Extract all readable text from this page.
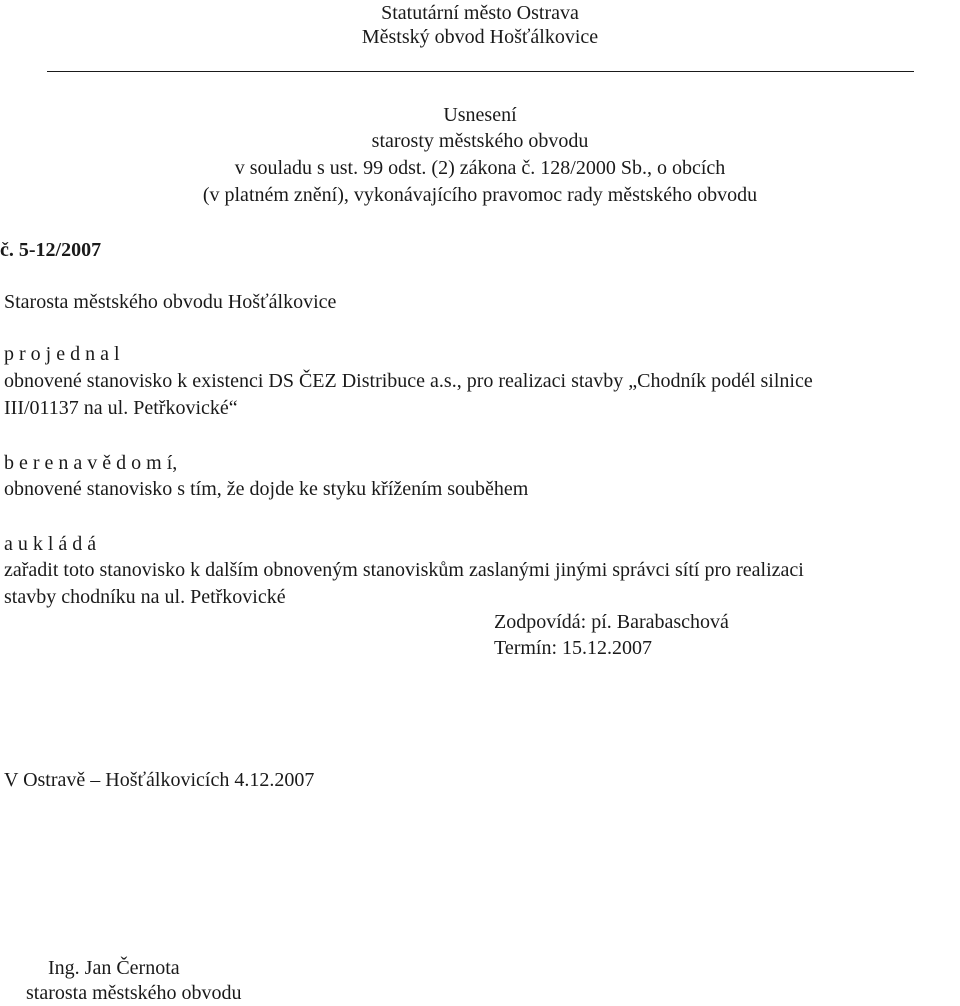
Statutární město Ostrava
Městský obvod Hošťálkovice
Usnesení
starosty městského obvodu
v souladu s ust. 99 odst. (2) zákona č. 128/2000 Sb., o obcích
(v platném znění), vykonávajícího pravomoc rady městského obvodu
č. 5-12/2007
Starosta městského obvodu Hošťálkovice
p r o j e d n a l
obnovené stanovisko k existenci DS ČEZ Distribuce a.s., pro realizaci stavby „Chodník podél silnice
III/01137 na ul. Petřkovické“
b e r e n a v ě d o m í,
obnovené stanovisko s tím, že dojde ke styku křížením souběhem
a u k l á d á
zařadit toto stanovisko k dalším obnoveným stanoviskům zaslanými jinými správci sítí pro realizaci
stavby chodníku na ul. Petřkovické
Zodpovídá: pí. Barabaschová
Termín: 15.12.2007
V Ostravě – Hošťálkovicích 4.12.2007
Ing. Jan Černota
starosta městského obvodu
